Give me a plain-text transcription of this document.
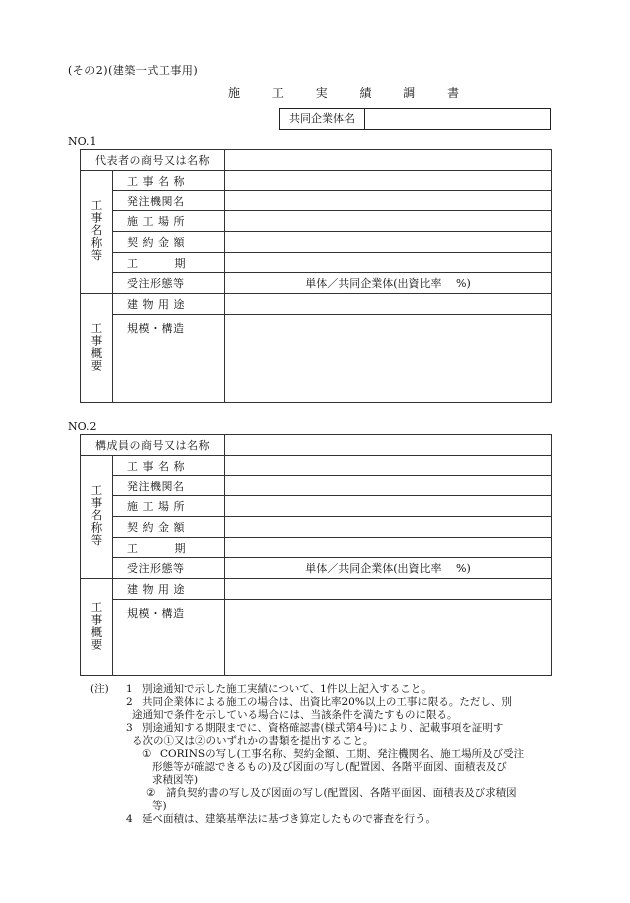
(その2)(建築一式工事用)
施 工 実 績 調 書
共同企業体名
NO.1
代表者の商号又は名称		
工事名称等	工 事 名 称	
	発注機関名	
	施 工 場 所	
	契 約 金 額	
	工         期	
	受注形態等	単体／共同企業体(出資比率　 %)
工事概要	建 物 用 途	
	規模・構造	
NO.2
構成員の商号又は名称		
工事名称等	工 事 名 称	
	発注機関名	
	施 工 場 所	
	契 約 金 額	
	工         期	
	受注形態等	単体／共同企業体(出資比率　 %)
工事概要	建 物 用 途	
	規模・構造	
(注) 1 別途通知で示した施工実績について、1件以上記入すること。
2 共同企業体による施工の場合は、出資比率20%以上の工事に限る。ただし、別
途通知で条件を示している場合には、当該条件を満たすものに限る。
3 別途通知する期限までに、資格確認書(様式第4号)により、記載事項を証明す
る次の①又は②のいずれかの書類を提出すること。
① CORINSの写し(工事名称、契約金額、工期、発注機関名、施工場所及び受注
形態等が確認できるもの)及び図面の写し(配置図、各階平面図、面積表及び
求積図等)
② 請負契約書の写し及び図面の写し(配置図、各階平面図、面積表及び求積図
等)
4 延べ面積は、建築基準法に基づき算定したもので審査を行う。
